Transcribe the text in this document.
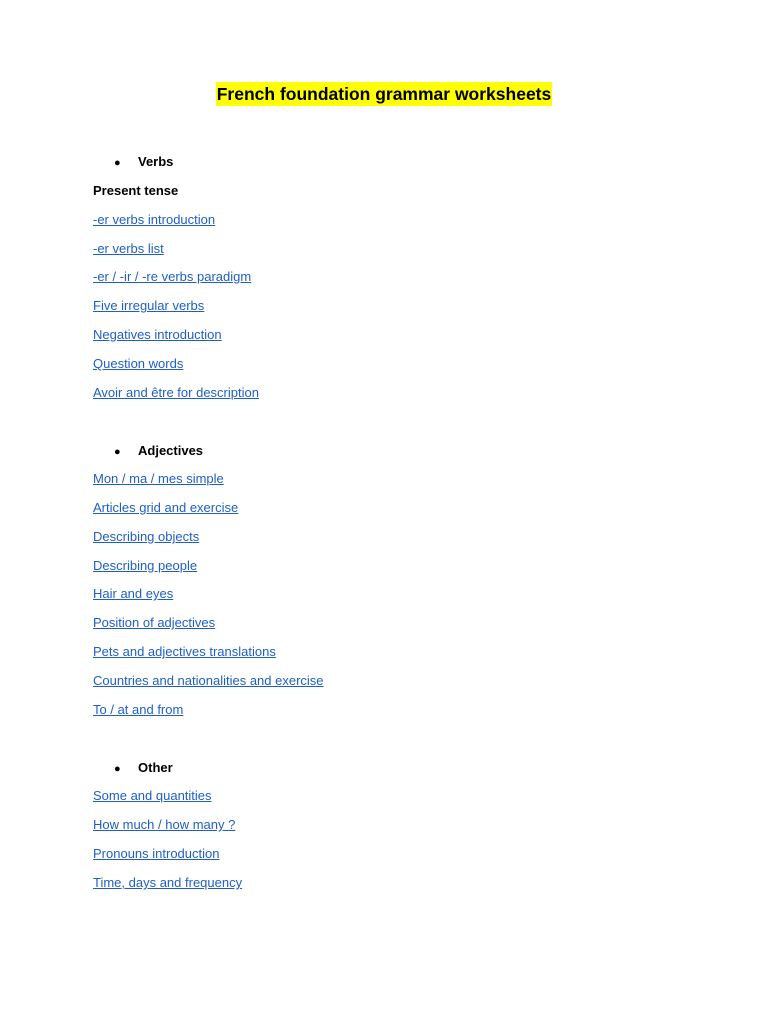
French foundation grammar worksheets
● Verbs
Present tense
-er verbs introduction
-er verbs list
-er / -ir / -re verbs paradigm
Five irregular verbs
Negatives introduction
Question words
Avoir and être for description
● Adjectives
Mon / ma / mes simple
Articles grid and exercise
Describing objects
Describing people
Hair and eyes
Position of adjectives
Pets and adjectives translations
Countries and nationalities and exercise
To / at and from
● Other
Some and quantities
How much / how many ?
Pronouns introduction
Time, days and frequency
